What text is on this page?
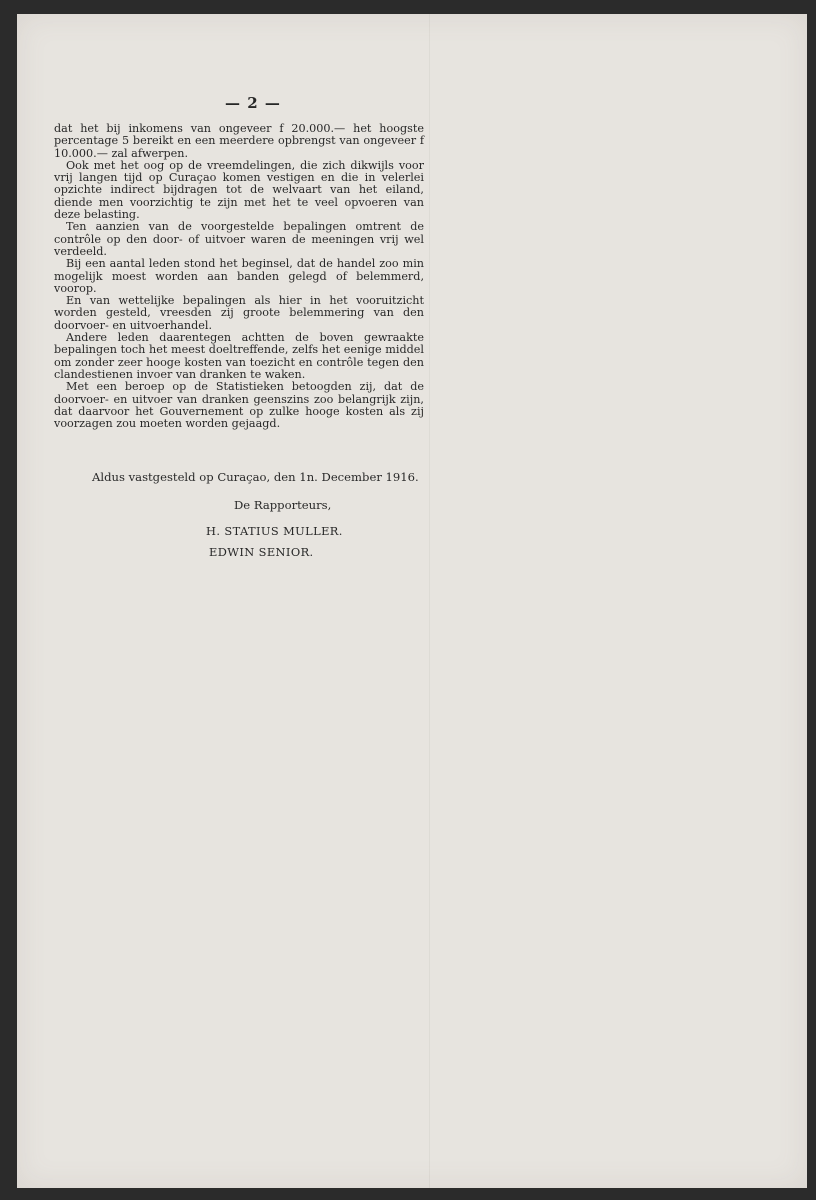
— 2 —

dat het bij inkomens van ongeveer f 20.000.— het hoogste percentage 5 bereikt en een meerdere opbrengst van ongeveer f 10.000.— zal afwerpen.

Ook met het oog op de vreemdelingen, die zich dikwijls voor vrij langen tijd op Curaçao komen vestigen en die in velerlei opzichte indirect bijdragen tot de welvaart van het eiland, diende men voorzichtig te zijn met het te veel opvoeren van deze belasting.

Ten aanzien van de voorgestelde bepalingen omtrent de contrôle op den door- of uitvoer waren de meeningen vrij wel verdeeld.

Bij een aantal leden stond het beginsel, dat de handel zoo min mogelijk moest worden aan banden gelegd of belemmerd, voorop.

En van wettelijke bepalingen als hier in het vooruitzicht worden gesteld, vreesden zij groote belemmering van den doorvoer- en uitvoerhandel.

Andere leden daarentegen achtten de boven gewraakte bepalingen toch het meest doeltreffende, zelfs het eenige middel om zonder zeer hooge kosten van toezicht en contrôle tegen den clandestienen invoer van dranken te waken.

Met een beroep op de Statistieken betoogden zij, dat de doorvoer- en uitvoer van dranken geenszins zoo belangrijk zijn, dat daarvoor het Gouvernement op zulke hooge kosten als zij voorzagen zou moeten worden gejaagd.

Aldus vastgesteld op Curaçao, den 1n. December 1916.
De Rapporteurs,
H. STATIUS MULLER.
EDWIN SENIOR.
